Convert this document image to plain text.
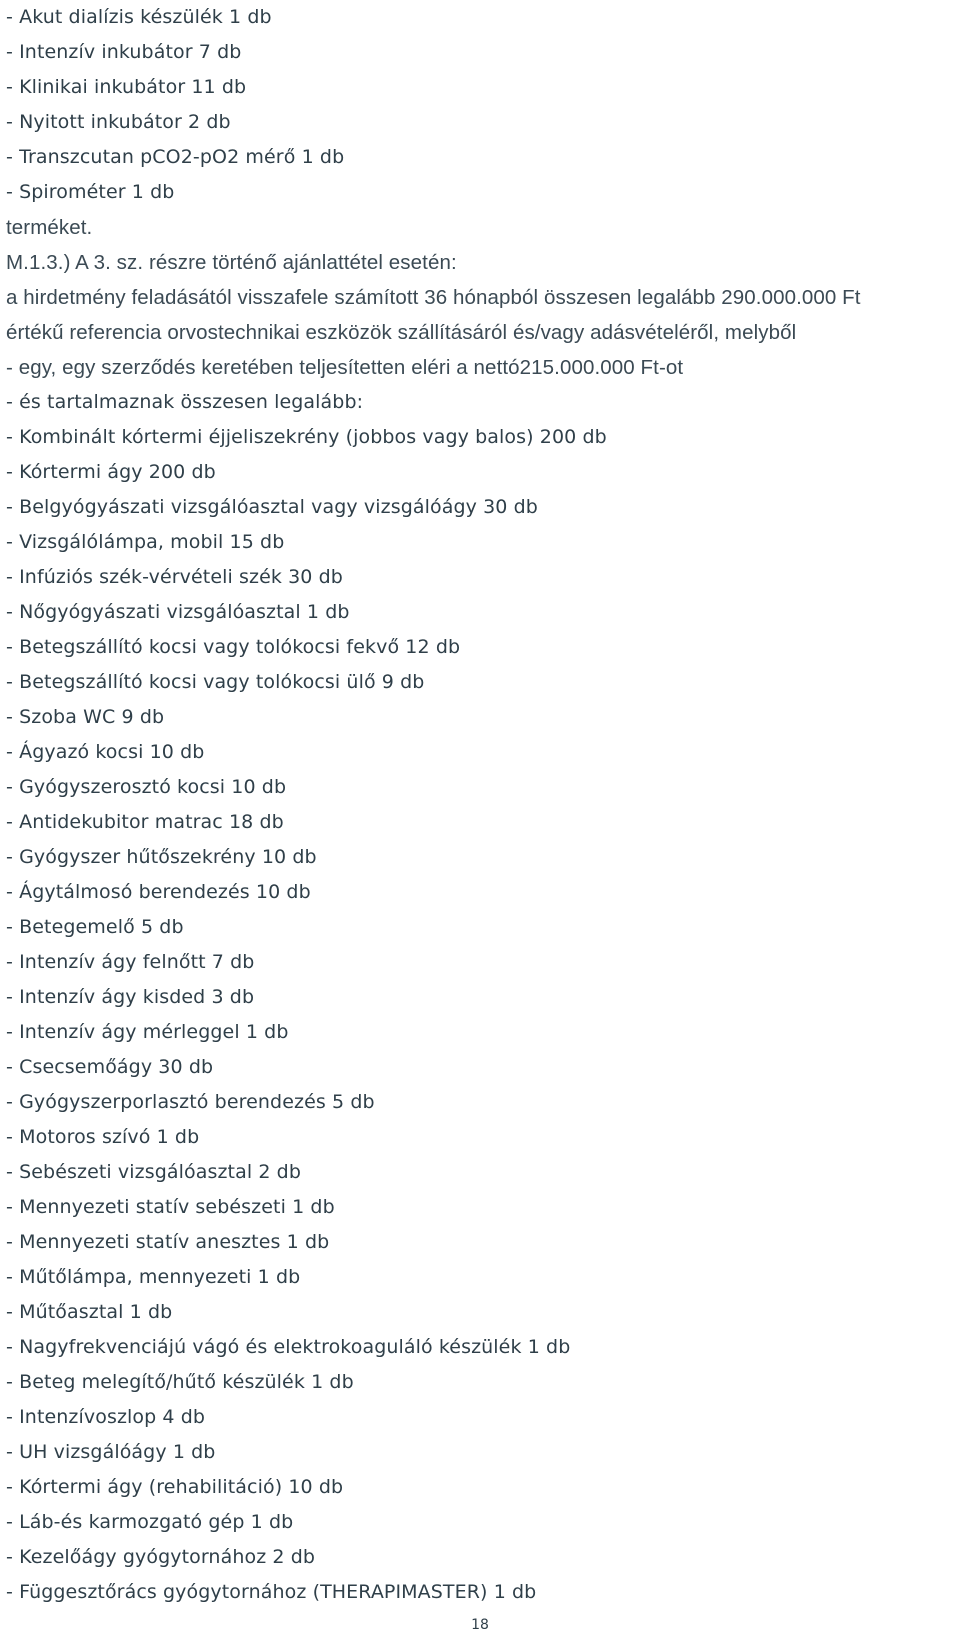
- Akut dialízis készülék 1 db
- Intenzív inkubátor 7 db
- Klinikai inkubátor 11 db
- Nyitott inkubátor 2 db
- Transzcutan pCO2-pO2 mérő 1 db
- Spirométer 1 db
terméket.
M.1.3.) A 3. sz. részre történő ajánlattétel esetén:
a hirdetmény feladásától visszafele számított 36 hónapból összesen legalább 290.000.000 Ft
értékű referencia orvostechnikai eszközök szállításáról és/vagy adásvételéről, melyből
- egy, egy szerződés keretében teljesítetten eléri a nettó215.000.000 Ft-ot
- és tartalmaznak összesen legalább:
- Kombinált kórtermi éjjeliszekrény (jobbos vagy balos) 200 db
- Kórtermi ágy 200 db
- Belgyógyászati vizsgálóasztal vagy vizsgálóágy 30 db
- Vizsgálólámpa, mobil 15 db
- Infúziós szék-vérvételi szék 30 db
- Nőgyógyászati vizsgálóasztal 1 db
- Betegszállító kocsi vagy tolókocsi fekvő 12 db
- Betegszállító kocsi vagy tolókocsi ülő 9 db
- Szoba WC 9 db
- Ágyazó kocsi 10 db
- Gyógyszerosztó kocsi 10 db
- Antidekubitor matrac 18 db
- Gyógyszer hűtőszekrény 10 db
- Ágytálmosó berendezés 10 db
- Betegemelő 5 db
- Intenzív ágy felnőtt 7 db
- Intenzív ágy kisded 3 db
- Intenzív ágy mérleggel 1 db
- Csecsemőágy 30 db
- Gyógyszerporlasztó berendezés 5 db
- Motoros szívó 1 db
- Sebészeti vizsgálóasztal 2 db
- Mennyezeti statív sebészeti 1 db
- Mennyezeti statív anesztes 1 db
- Műtőlámpa, mennyezeti 1 db
- Műtőasztal 1 db
- Nagyfrekvenciájú vágó és elektrokoaguláló készülék 1 db
- Beteg melegítő/hűtő készülék 1 db
- Intenzívoszlop 4 db
- UH vizsgálóágy 1 db
- Kórtermi ágy (rehabilitáció) 10 db
- Láb-és karmozgató gép 1 db
- Kezelőágy gyógytornához 2 db
- Függesztőrács gyógytornához (THERAPIMASTER) 1 db
18
